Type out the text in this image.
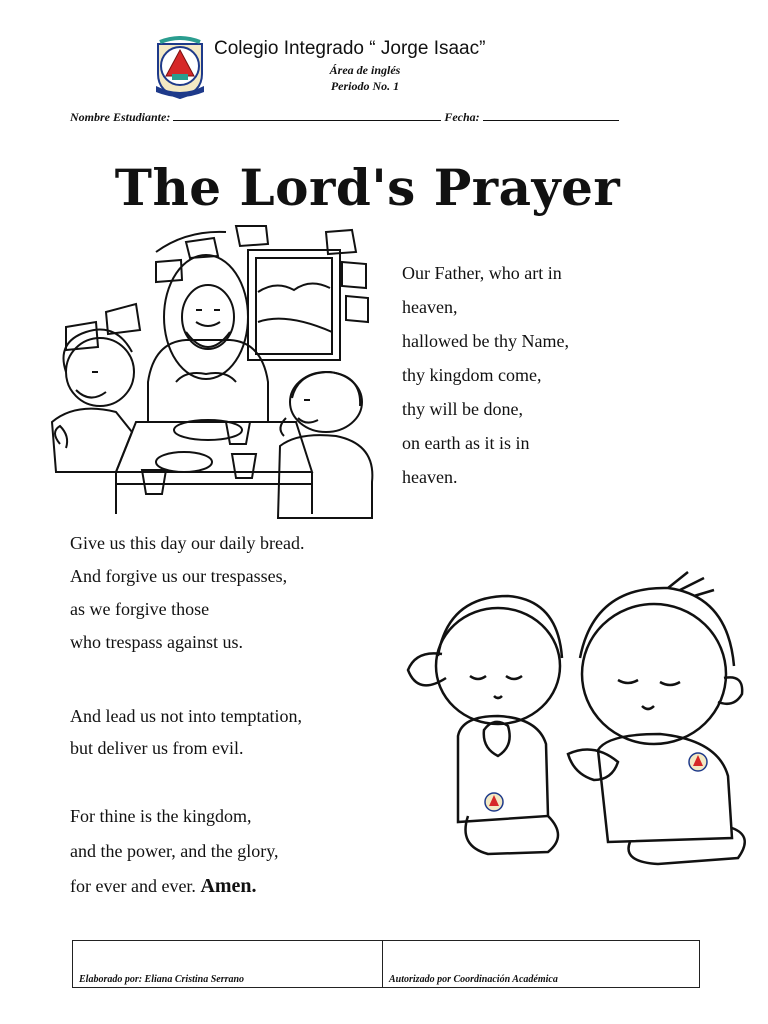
Colegio Integrado “ Jorge Isaac”
Área de inglés
Periodo No. 1
Nombre Estudiante:	Fecha:
The Lord's Prayer
Our Father, who art in
heaven,
hallowed be thy Name,
thy kingdom come,
thy will be done,
on earth as it is in
heaven.
Give us this day our daily bread.
And forgive us our trespasses,
as we forgive those
who trespass against us.
And lead us not into temptation,
but deliver us from evil.
For thine is the kingdom,
and the power, and the glory,
for ever and ever. Amen.
Elaborado por: Eliana Cristina Serrano	Autorizado por Coordinación Académica
